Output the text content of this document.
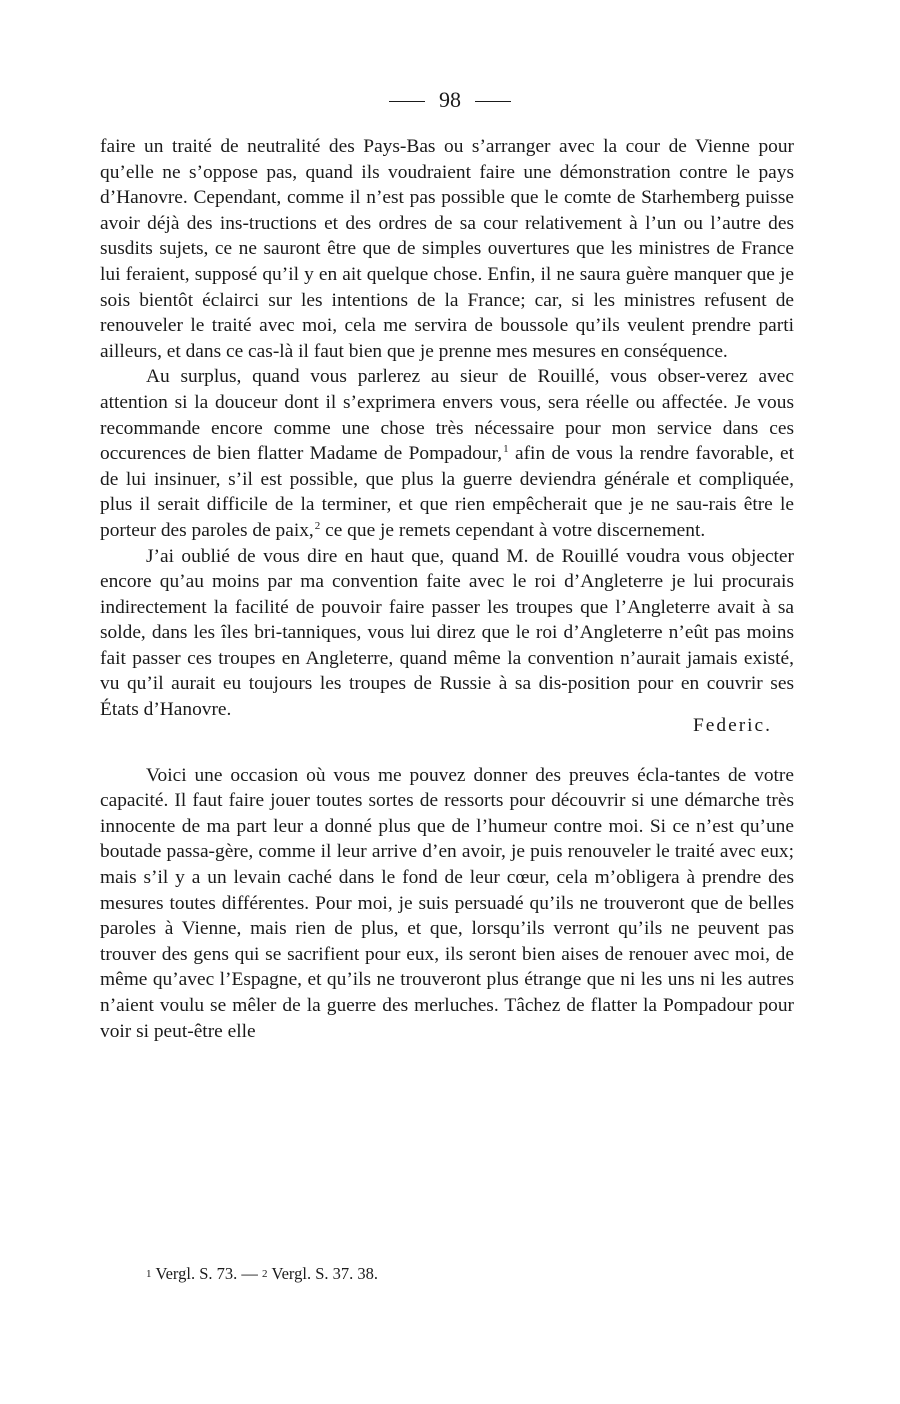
98

faire un traité de neutralité des Pays-Bas ou s’arranger avec la cour de Vienne pour qu’elle ne s’oppose pas, quand ils voudraient faire une démonstration contre le pays d’Hanovre. Cependant, comme il n’est pas possible que le comte de Starhemberg puisse avoir déjà des ins-tructions et des ordres de sa cour relativement à l’un ou l’autre des susdits sujets, ce ne sauront être que de simples ouvertures que les ministres de France lui feraient, supposé qu’il y en ait quelque chose. Enfin, il ne saura guère manquer que je sois bientôt éclairci sur les intentions de la France; car, si les ministres refusent de renouveler le traité avec moi, cela me servira de boussole qu’ils veulent prendre parti ailleurs, et dans ce cas-là il faut bien que je prenne mes mesures en conséquence.

Au surplus, quand vous parlerez au sieur de Rouillé, vous obser-verez avec attention si la douceur dont il s’exprimera envers vous, sera réelle ou affectée. Je vous recommande encore comme une chose très nécessaire pour mon service dans ces occurences de bien flatter Madame de Pompadour,$^1$ afin de vous la rendre favorable, et de lui insinuer, s’il est possible, que plus la guerre deviendra générale et compliquée, plus il serait difficile de la terminer, et que rien empêcherait que je ne sau-rais être le porteur des paroles de paix,$^2$ ce que je remets cependant à votre discernement.

J’ai oublié de vous dire en haut que, quand M. de Rouillé voudra vous objecter encore qu’au moins par ma convention faite avec le roi d’Angleterre je lui procurais indirectement la facilité de pouvoir faire passer les troupes que l’Angleterre avait à sa solde, dans les îles bri-tanniques, vous lui direz que le roi d’Angleterre n’eût pas moins fait passer ces troupes en Angleterre, quand même la convention n’aurait jamais existé, vu qu’il aurait eu toujours les troupes de Russie à sa dis-position pour en couvrir ses États d’Hanovre.
Federic.

Voici une occasion où vous me pouvez donner des preuves écla-tantes de votre capacité. Il faut faire jouer toutes sortes de ressorts pour découvrir si une démarche très innocente de ma part leur a donné plus que de l’humeur contre moi. Si ce n’est qu’une boutade passa-gère, comme il leur arrive d’en avoir, je puis renouveler le traité avec eux; mais s’il y a un levain caché dans le fond de leur cœur, cela m’obligera à prendre des mesures toutes différentes. Pour moi, je suis persuadé qu’ils ne trouveront que de belles paroles à Vienne, mais rien de plus, et que, lorsqu’ils verront qu’ils ne peuvent pas trouver des gens qui se sacrifient pour eux, ils seront bien aises de renouer avec moi, de même qu’avec l’Espagne, et qu’ils ne trouveront plus étrange que ni les uns ni les autres n’aient voulu se mêler de la guerre des merluches. Tâchez de flatter la Pompadour pour voir si peut-être elle

1 Vergl. S. 73. — 2 Vergl. S. 37. 38.
